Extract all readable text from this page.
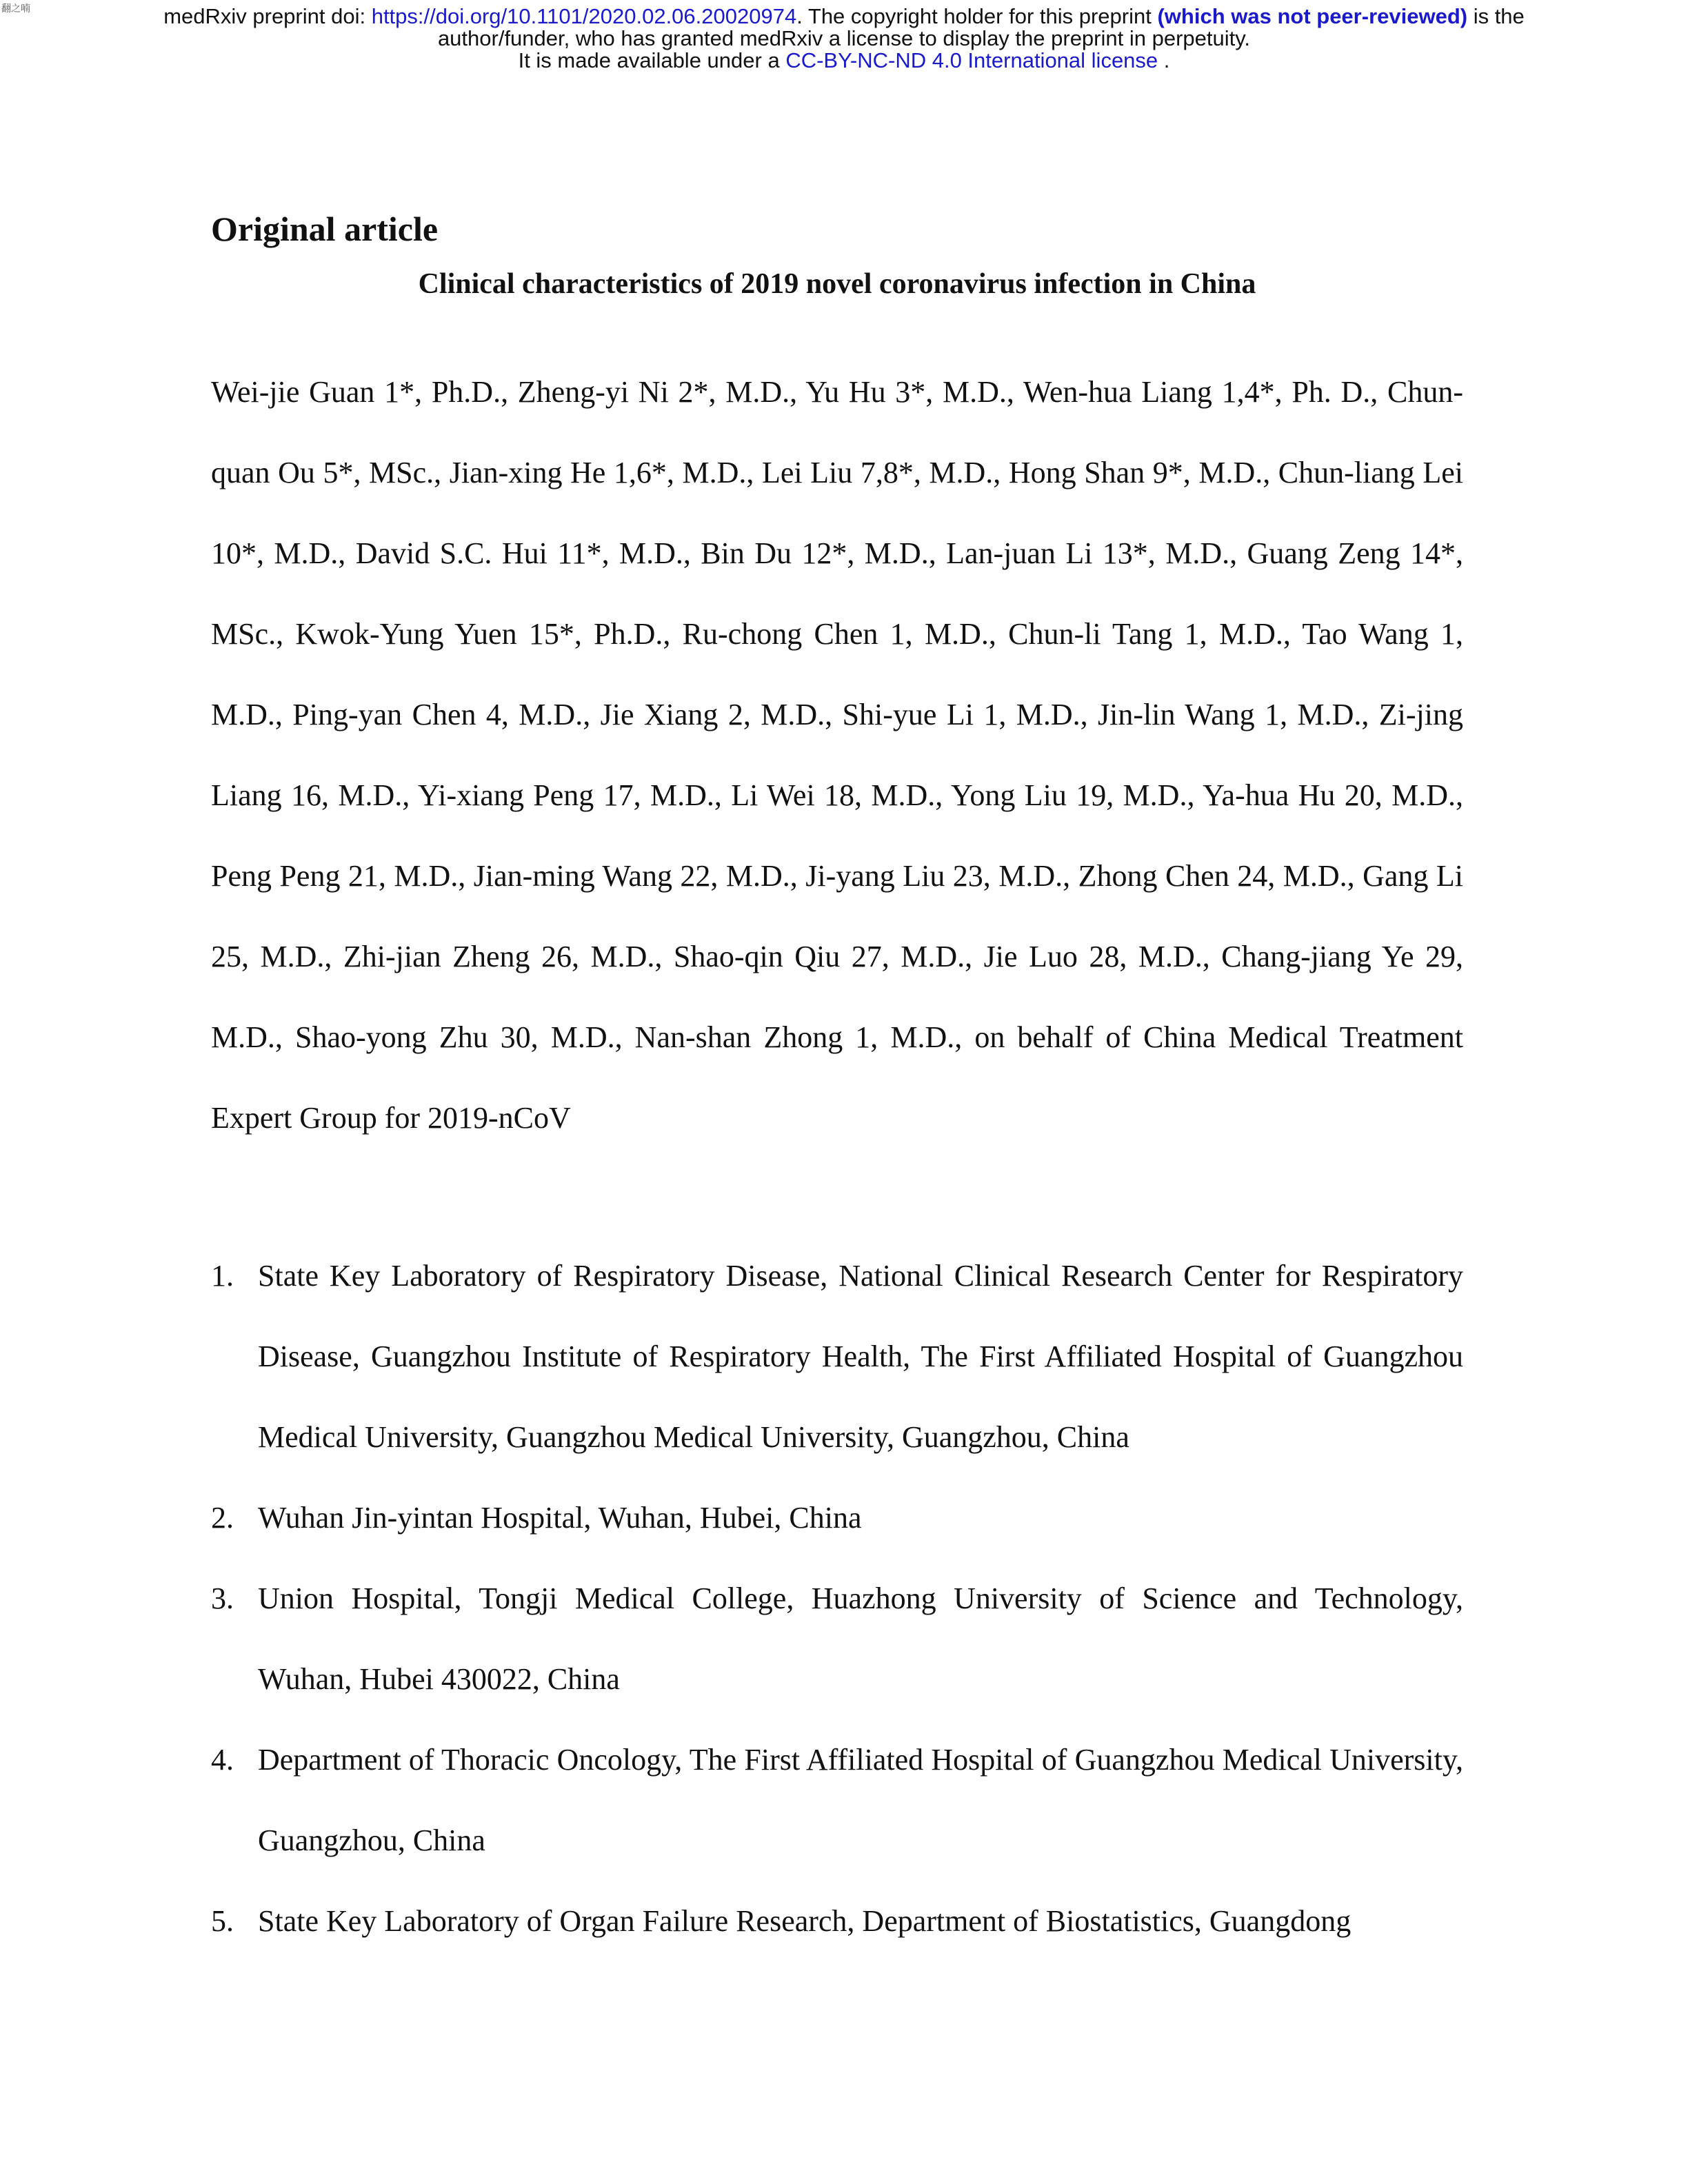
翻之喃	medRxiv preprint doi: https://doi.org/10.1101/2020.02.06.20020974. The copyright holder for this preprint (which was not peer-reviewed) is the
author/funder, who has granted medRxiv a license to display the preprint in perpetuity.
It is made available under a CC-BY-NC-ND 4.0 International license .
Original article
Clinical characteristics of 2019 novel coronavirus infection in China

Wei-jie Guan 1*, Ph.D., Zheng-yi Ni 2*, M.D., Yu Hu 3*, M.D., Wen-hua Liang 1,4*, Ph. D., Chun-quan Ou 5*, MSc., Jian-xing He 1,6*, M.D., Lei Liu 7,8*, M.D., Hong Shan 9*, M.D., Chun-liang Lei 10*, M.D., David S.C. Hui 11*, M.D., Bin Du 12*, M.D., Lan-juan Li 13*, M.D., Guang Zeng 14*, MSc., Kwok-Yung Yuen 15*, Ph.D., Ru-chong Chen 1, M.D., Chun-li Tang 1, M.D., Tao Wang 1, M.D., Ping-yan Chen 4, M.D., Jie Xiang 2, M.D., Shi-yue Li 1, M.D., Jin-lin Wang 1, M.D., Zi-jing Liang 16, M.D., Yi-xiang Peng 17, M.D., Li Wei 18, M.D., Yong Liu 19, M.D., Ya-hua Hu 20, M.D., Peng Peng 21, M.D., Jian-ming Wang 22, M.D., Ji-yang Liu 23, M.D., Zhong Chen 24, M.D., Gang Li 25, M.D., Zhi-jian Zheng 26, M.D., Shao-qin Qiu 27, M.D., Jie Luo 28, M.D., Chang-jiang Ye 29, M.D., Shao-yong Zhu 30, M.D., Nan-shan Zhong 1, M.D., on behalf of China Medical Treatment Expert Group for 2019-nCoV

1. State Key Laboratory of Respiratory Disease, National Clinical Research Center for Respiratory Disease, Guangzhou Institute of Respiratory Health, The First Affiliated Hospital of Guangzhou Medical University, Guangzhou Medical University, Guangzhou, China
2. Wuhan Jin-yintan Hospital, Wuhan, Hubei, China
3. Union Hospital, Tongji Medical College, Huazhong University of Science and Technology, Wuhan, Hubei 430022, China
4. Department of Thoracic Oncology, The First Affiliated Hospital of Guangzhou Medical University, Guangzhou, China
5. State Key Laboratory of Organ Failure Research, Department of Biostatistics, Guangdong
